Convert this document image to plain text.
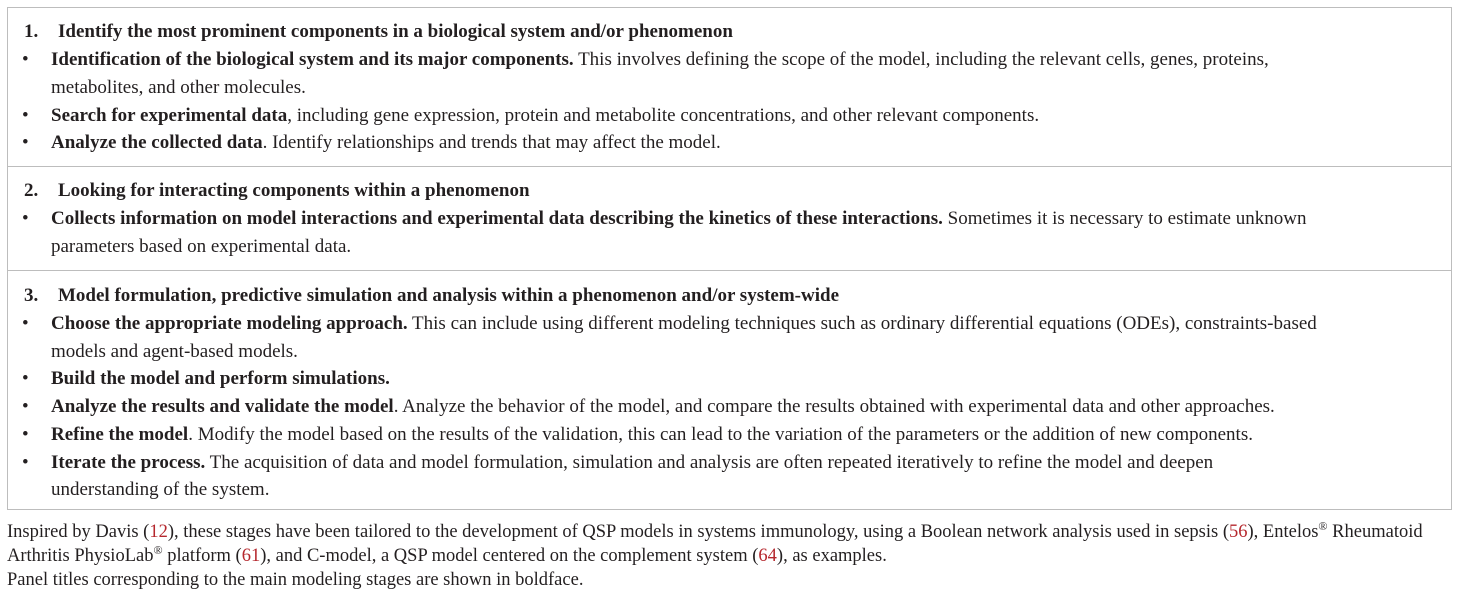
1. Identify the most prominent components in a biological system and/or phenomenon
• Identification of the biological system and its major components. This involves defining the scope of the model, including the relevant cells, genes, proteins,
metabolites, and other molecules.
• Search for experimental data, including gene expression, protein and metabolite concentrations, and other relevant components.
• Analyze the collected data. Identify relationships and trends that may affect the model.
2. Looking for interacting components within a phenomenon
• Collects information on model interactions and experimental data describing the kinetics of these interactions. Sometimes it is necessary to estimate unknown
parameters based on experimental data.
3. Model formulation, predictive simulation and analysis within a phenomenon and/or system-wide
• Choose the appropriate modeling approach. This can include using different modeling techniques such as ordinary differential equations (ODEs), constraints-based
models and agent-based models.
• Build the model and perform simulations.
• Analyze the results and validate the model. Analyze the behavior of the model, and compare the results obtained with experimental data and other approaches.
• Refine the model. Modify the model based on the results of the validation, this can lead to the variation of the parameters or the addition of new components.
• Iterate the process. The acquisition of data and model formulation, simulation and analysis are often repeated iteratively to refine the model and deepen
understanding of the system.
Inspired by Davis (12), these stages have been tailored to the development of QSP models in systems immunology, using a Boolean network analysis used in sepsis (56), Entelos® Rheumatoid
Arthritis PhysioLab® platform (61), and C-model, a QSP model centered on the complement system (64), as examples.
Panel titles corresponding to the main modeling stages are shown in boldface.
